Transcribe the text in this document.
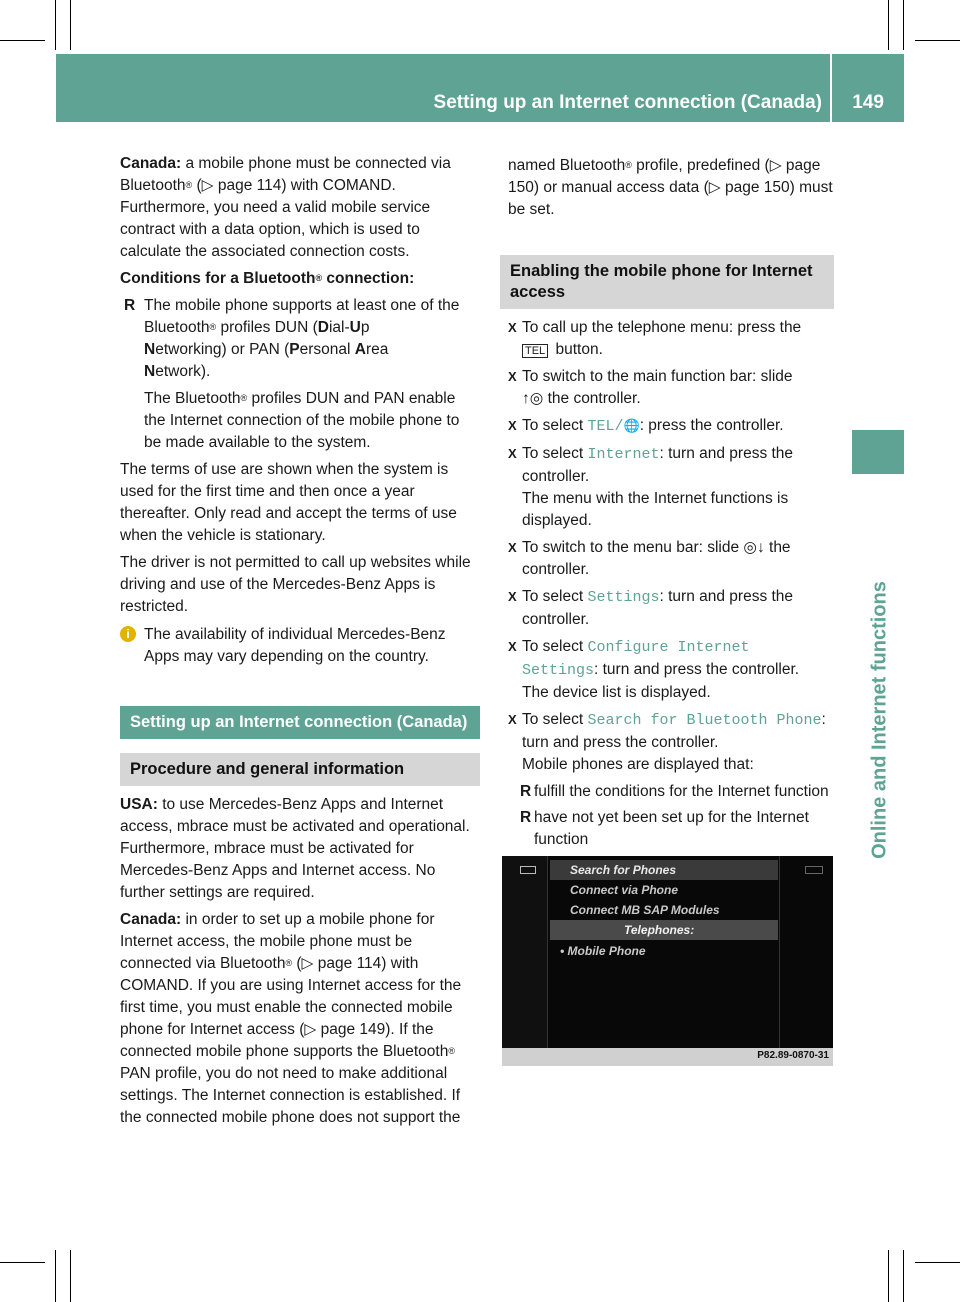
Setting up an Internet connection (Canada) 149
Online and Internet functions

Canada: a mobile phone must be connected via Bluetooth® (▷ page 114) with COMAND. Furthermore, you need a valid mobile service contract with a data option, which is used to calculate the associated connection costs.

Conditions for a Bluetooth® connection:

R The mobile phone supports at least one of the Bluetooth® profiles DUN (Dial-Up
Networking) or PAN (Personal Area
Network).
The Bluetooth® profiles DUN and PAN enable the Internet connection of the mobile phone to be made available to the system.

The terms of use are shown when the system is used for the first time and then once a year thereafter. Only read and accept the terms of use when the vehicle is stationary.

The driver is not permitted to call up websites while driving and use of the Mercedes-Benz Apps is restricted.

i The availability of individual Mercedes-Benz Apps may vary depending on the country.
Setting up an Internet connection (Canada)
Procedure and general information

USA: to use Mercedes-Benz Apps and Internet access, mbrace must be activated and operational. Furthermore, mbrace must be activated for Mercedes-Benz Apps and Internet access. No further settings are required.

Canada: in order to set up a mobile phone for Internet access, the mobile phone must be connected via Bluetooth® (▷ page 114) with COMAND. If you are using Internet access for the first time, you must enable the connected mobile phone for Internet access (▷ page 149). If the connected mobile phone supports the Bluetooth® PAN profile, you do not need to make additional settings. The Internet connection is established. If the connected mobile phone does not support the

named Bluetooth® profile, predefined (▷ page 150) or manual access data (▷ page 150) must be set.

Enabling the mobile phone for Internet access
X To call up the telephone menu: press the
TEL button.
X To switch to the main function bar: slide
↑◎ the controller.
X To select TEL/🌐: press the controller.
X To select Internet: turn and press the controller.
The menu with the Internet functions is displayed.
X To switch to the menu bar: slide ◎↓ the controller.
X To select Settings: turn and press the controller.
X To select Configure Internet Settings: turn and press the controller.
The device list is displayed.
X To select Search for Bluetooth Phone: turn and press the controller.
Mobile phones are displayed that:
R fulfill the conditions for the Internet function
R have not yet been set up for the Internet function
Search for Phones
Connect via Phone
Connect MB SAP Modules
Telephones:
• Mobile Phone
P82.89-0870-31
